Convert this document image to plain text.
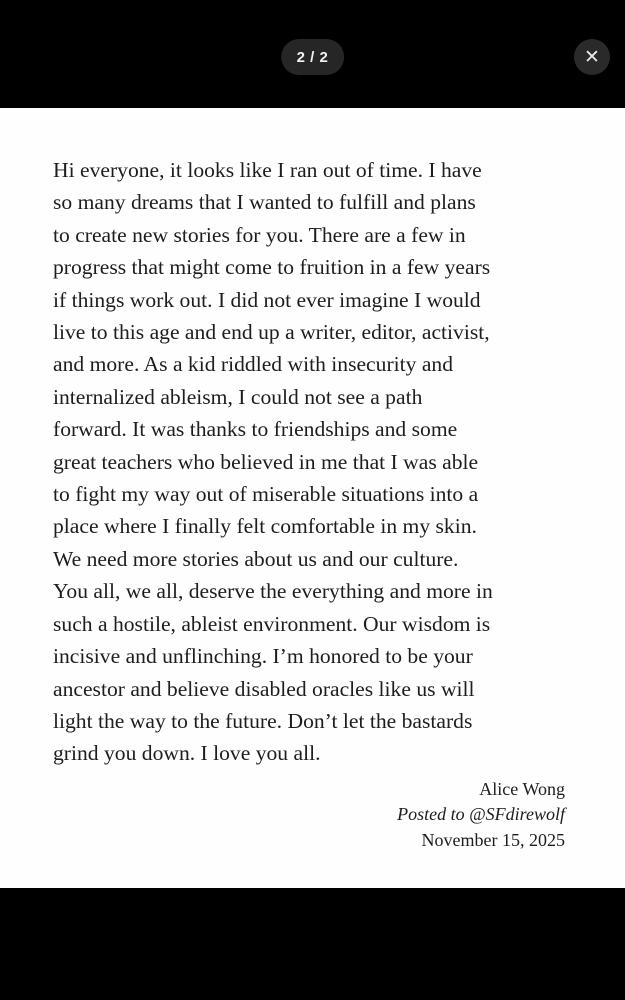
2 / 2	✕
Hi everyone, it looks like I ran out of time. I have
so many dreams that I wanted to fulfill and plans
to create new stories for you. There are a few in
progress that might come to fruition in a few years
if things work out. I did not ever imagine I would
live to this age and end up a writer, editor, activist,
and more. As a kid riddled with insecurity and
internalized ableism, I could not see a path
forward. It was thanks to friendships and some
great teachers who believed in me that I was able
to fight my way out of miserable situations into a
place where I finally felt comfortable in my skin.
We need more stories about us and our culture.
You all, we all, deserve the everything and more in
such a hostile, ableist environment. Our wisdom is
incisive and unflinching. I’m honored to be your
ancestor and believe disabled oracles like us will
light the way to the future. Don’t let the bastards
grind you down. I love you all.
Alice Wong
Posted to @SFdirewolf
November 15, 2025
